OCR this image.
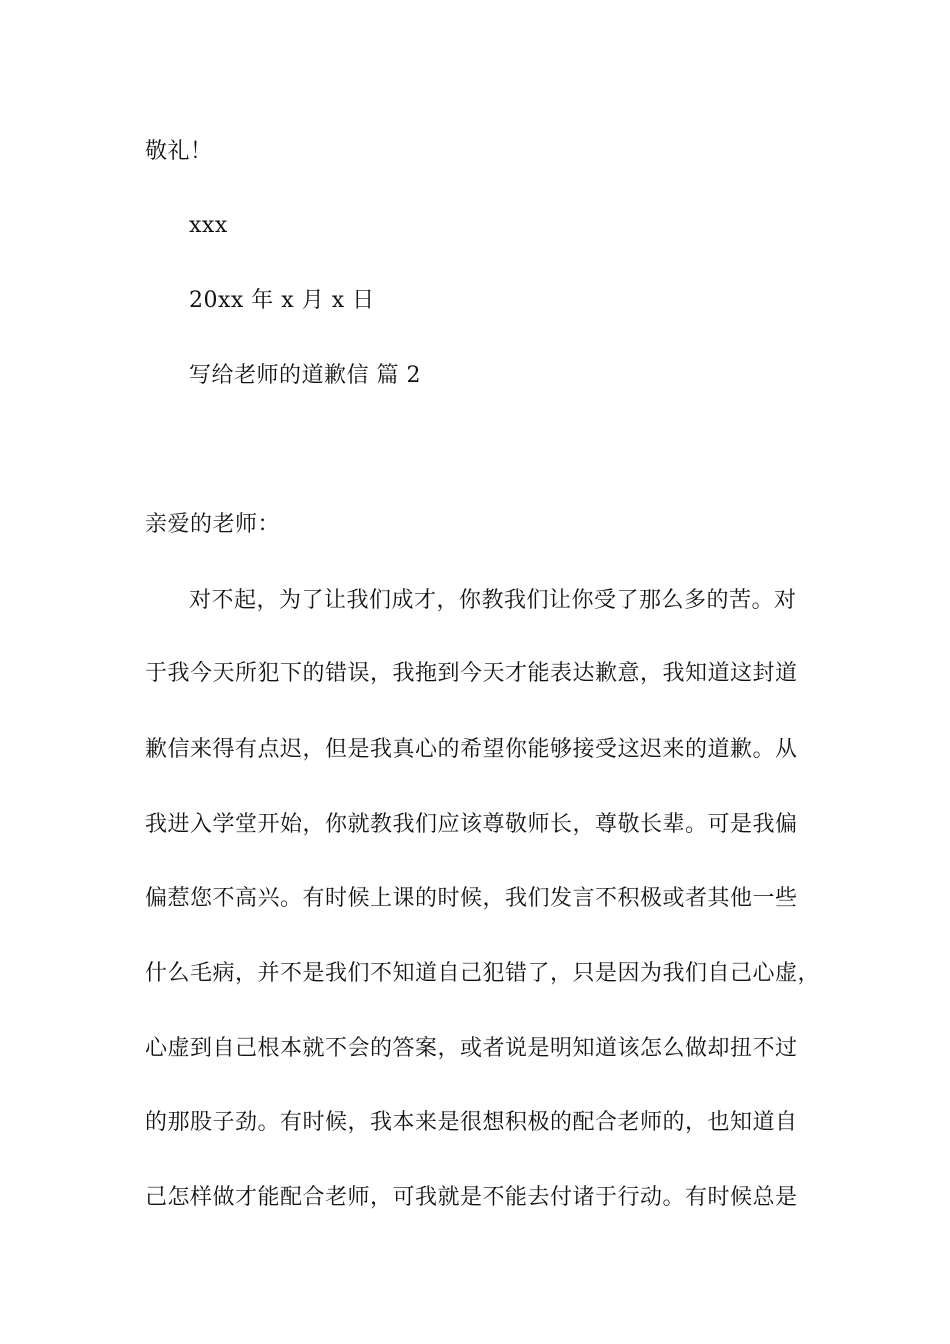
敬礼！
xxx
20xx 年 x 月 x 日
写给老师的道歉信 篇 2
亲爱的老师：
对不起，为了让我们成才，你教我们让你受了那么多的苦。对
于我今天所犯下的错误，我拖到今天才能表达歉意，我知道这封道
歉信来得有点迟，但是我真心的希望你能够接受这迟来的道歉。从
我进入学堂开始，你就教我们应该尊敬师长，尊敬长辈。可是我偏
偏惹您不高兴。有时候上课的时候，我们发言不积极或者其他一些
什么毛病，并不是我们不知道自己犯错了，只是因为我们自己心虚，
心虚到自己根本就不会的答案，或者说是明知道该怎么做却扭不过
的那股子劲。有时候，我本来是很想积极的配合老师的，也知道自
己怎样做才能配合老师，可我就是不能去付诸于行动。有时候总是
